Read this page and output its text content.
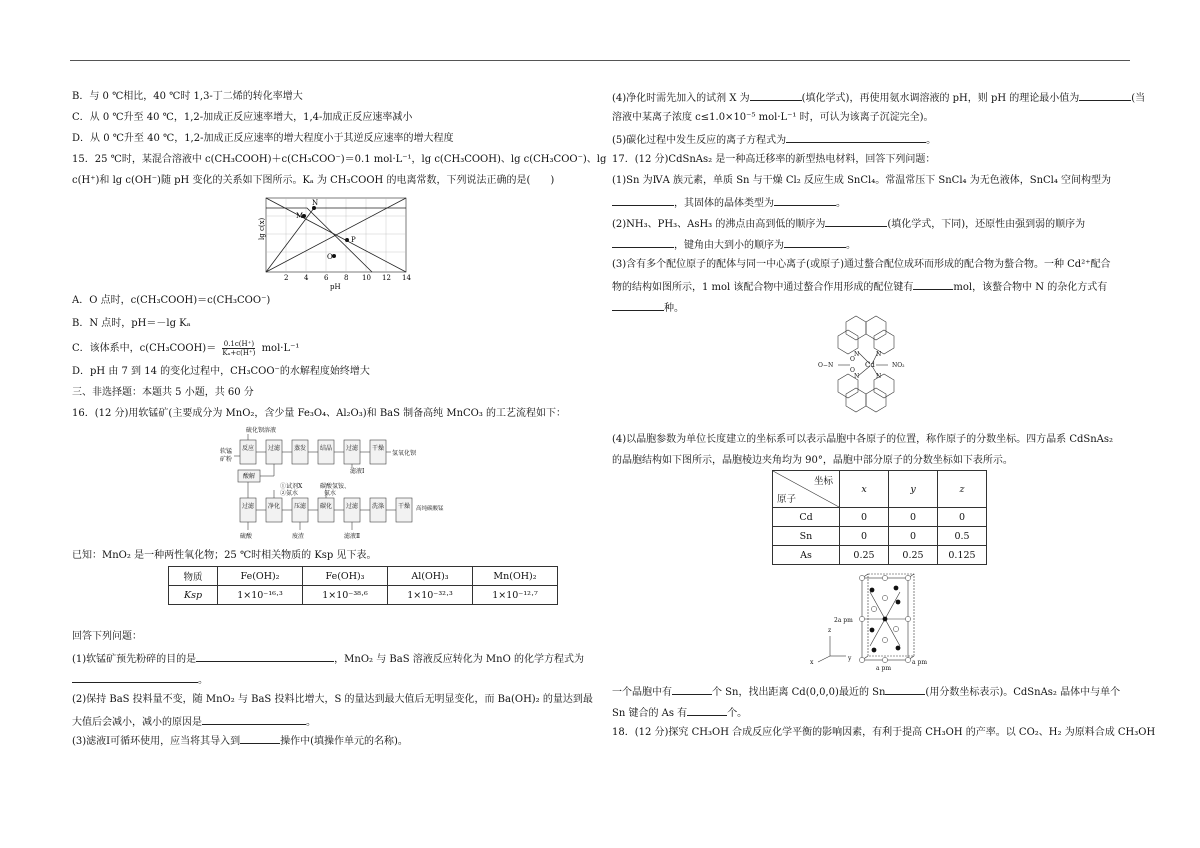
B．与 0 ℃相比，40 ℃时 1,3-丁二烯的转化率增大
C．从 0 ℃升至 40 ℃，1,2-加成正反应速率增大，1,4-加成正反应速率减小
D．从 0 ℃升至 40 ℃，1,2-加成正反应速率的增大程度小于其逆反应速率的增大程度
15．25 ℃时，某混合溶液中 c(CH₃COOH)＋c(CH₃COO⁻)＝0.1 mol·L⁻¹，lg c(CH₃COOH)、lg c(CH₃COO⁻)、lg
c(H⁺)和 lg c(OH⁻)随 pH 变化的关系如下图所示。Kₐ 为 CH₃COOH 的电离常数，下列说法正确的是(　　)
M
N
P
O
lg c(x)
2 4 6 8 10 12 14
pH
A．O 点时，c(CH₃COOH)＝c(CH₃COO⁻)
B．N 点时，pH＝－lg Kₐ
C．该体系中，c(CH₃COOH)＝ $\frac{0.1c(H^+)}{\text{Kₐ+c(H⁺)}} mol\cdot L^{-1}$
D．pH 由 7 到 14 的变化过程中，CH₃COO⁻的水解程度始终增大
三、非选择题：本题共 5 小题，共 60 分
16．(12 分)用软锰矿(主要成分为 MnO₂，含少量 Fe₃O₄、Al₂O₃)和 BaS 制备高纯 MnCO₃ 的工艺流程如下：
硫化钡溶液
软锰
矿粉
反应 过滤 蒸发 结晶 过滤 干燥
酸解
氢氧化钡
滤液Ⅰ
①试剂X
②氨水
碳酸氢铵、
氨水
过滤 净化 压滤 碳化 过滤 洗涤 干燥 高纯碳酸锰
硫酸	废渣	滤液Ⅱ
已知：MnO₂ 是一种两性氧化物；25 ℃时相关物质的 Ksp 见下表。
物质	Fe(OH)₂	Fe(OH)₃	Al(OH)₃	Mn(OH)₂
Ksp	1×10⁻¹⁶·³	1×10⁻³⁸·⁶	1×10⁻³²·³	1×10⁻¹²·⁷
回答下列问题：
(1)软锰矿预先粉碎的目的是	，MnO₂ 与 BaS 溶液反应转化为 MnO 的化学方程式为
。
(2)保持 BaS 投料量不变，随 MnO₂ 与 BaS 投料比增大，S 的量达到最大值后无明显变化，而 Ba(OH)₂ 的量达到最
大值后会减小，减小的原因是	。
(3)滤液Ⅰ可循环使用，应当将其导入到	操作中(填操作单元的名称)。
(4)净化时需先加入的试剂 X 为	(填化学式)，再使用氨水调溶液的 pH，则 pH 的理论最小值为	(当
溶液中某离子浓度 c≤1.0×10⁻⁵ mol·L⁻¹ 时，可认为该离子沉淀完全)。
(5)碳化过程中发生反应的离子方程式为	。
17．(12 分)CdSnAs₂ 是一种高迁移率的新型热电材料，回答下列问题：
(1)Sn 为ⅣA 族元素，单质 Sn 与干燥 Cl₂ 反应生成 SnCl₄。常温常压下 SnCl₄ 为无色液体，SnCl₄ 空间构型为
，其固体的晶体类型为	。
(2)NH₃、PH₃、AsH₃ 的沸点由高到低的顺序为	(填化学式，下同)，还原性由强到弱的顺序为
，键角由大到小的顺序为	。
(3)含有多个配位原子的配体与同一中心离子(或原子)通过螯合配位成环而形成的配合物为螯合物。一种 Cd²⁺配合
物的结构如图所示，1 mol 该配合物中通过螯合作用形成的配位键有	mol，该螯合物中 N 的杂化方式有
种。
N	N
N	N
Cd
O−N	NO₂
O
O
(4)以晶胞参数为单位长度建立的坐标系可以表示晶胞中各原子的位置，称作原子的分数坐标。四方晶系 CdSnAs₂
的晶胞结构如下图所示，晶胞棱边夹角均为 90°，晶胞中部分原子的分数坐标如下表所示。
坐标
原子	x	y	z
Cd	0	0	0
Sn	0	0	0.5
As	0.25	0.25	0.125
2a pm
a pm
a pm
z
x
y
一个晶胞中有	个 Sn，找出距离 Cd(0,0,0)最近的 Sn	(用分数坐标表示)。CdSnAs₂ 晶体中与单个
Sn 键合的 As 有	个。
18．(12 分)探究 CH₃OH 合成反应化学平衡的影响因素，有利于提高 CH₃OH 的产率。以 CO₂、H₂ 为原料合成 CH₃OH
